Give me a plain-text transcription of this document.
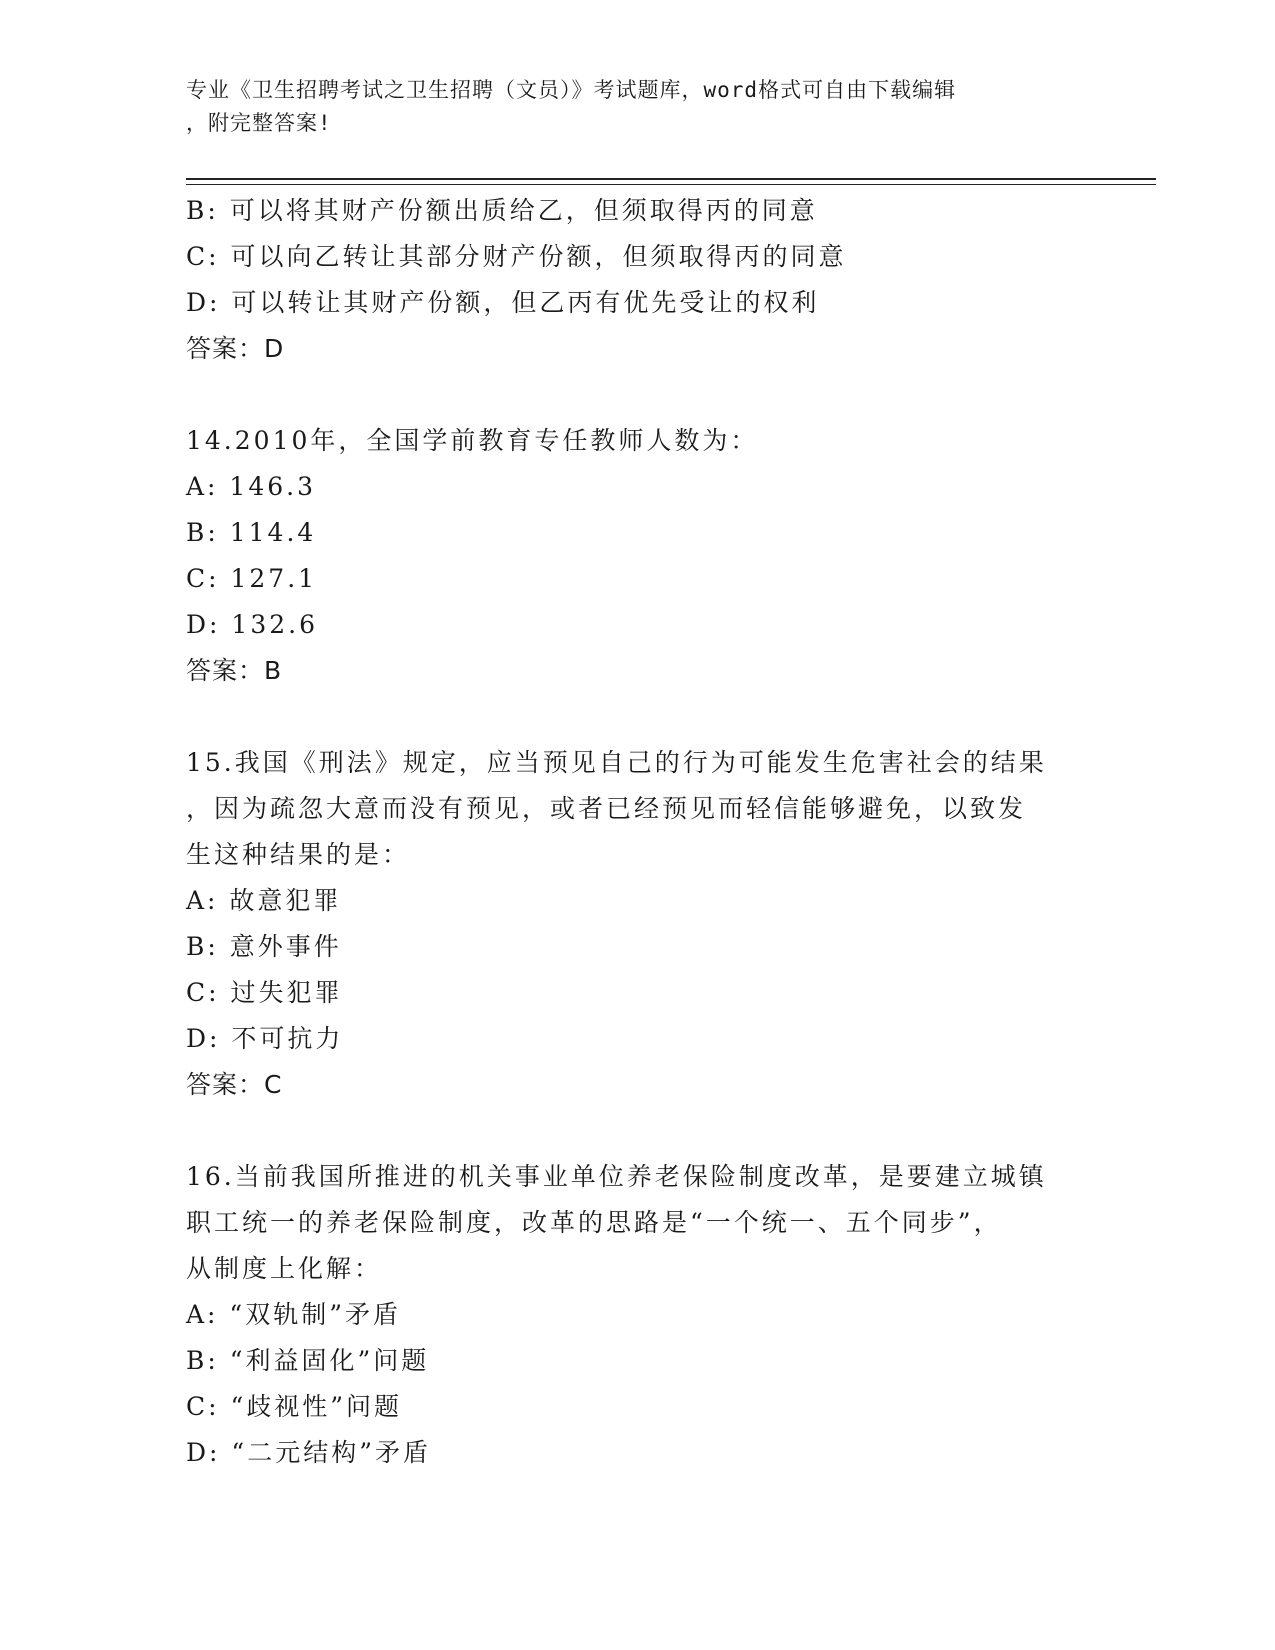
专业《卫生招聘考试之卫生招聘（文员）》考试题库，word格式可自由下载编辑
，附完整答案!
B: 可以将其财产份额出质给乙，但须取得丙的同意
C: 可以向乙转让其部分财产份额，但须取得丙的同意
D: 可以转让其财产份额，但乙丙有优先受让的权利
答案：D
14.2010年，全国学前教育专任教师人数为：
A: 146.3
B: 114.4
C: 127.1
D: 132.6
答案：B
15.我国《刑法》规定，应当预见自己的行为可能发生危害社会的结果
，因为疏忽大意而没有预见，或者已经预见而轻信能够避免，以致发
生这种结果的是：
A: 故意犯罪
B: 意外事件
C: 过失犯罪
D: 不可抗力
答案：C
16.当前我国所推进的机关事业单位养老保险制度改革，是要建立城镇
职工统一的养老保险制度，改革的思路是“一个统一、五个同步”，
从制度上化解：
A: “双轨制”矛盾
B: “利益固化”问题
C: “歧视性”问题
D: “二元结构”矛盾
